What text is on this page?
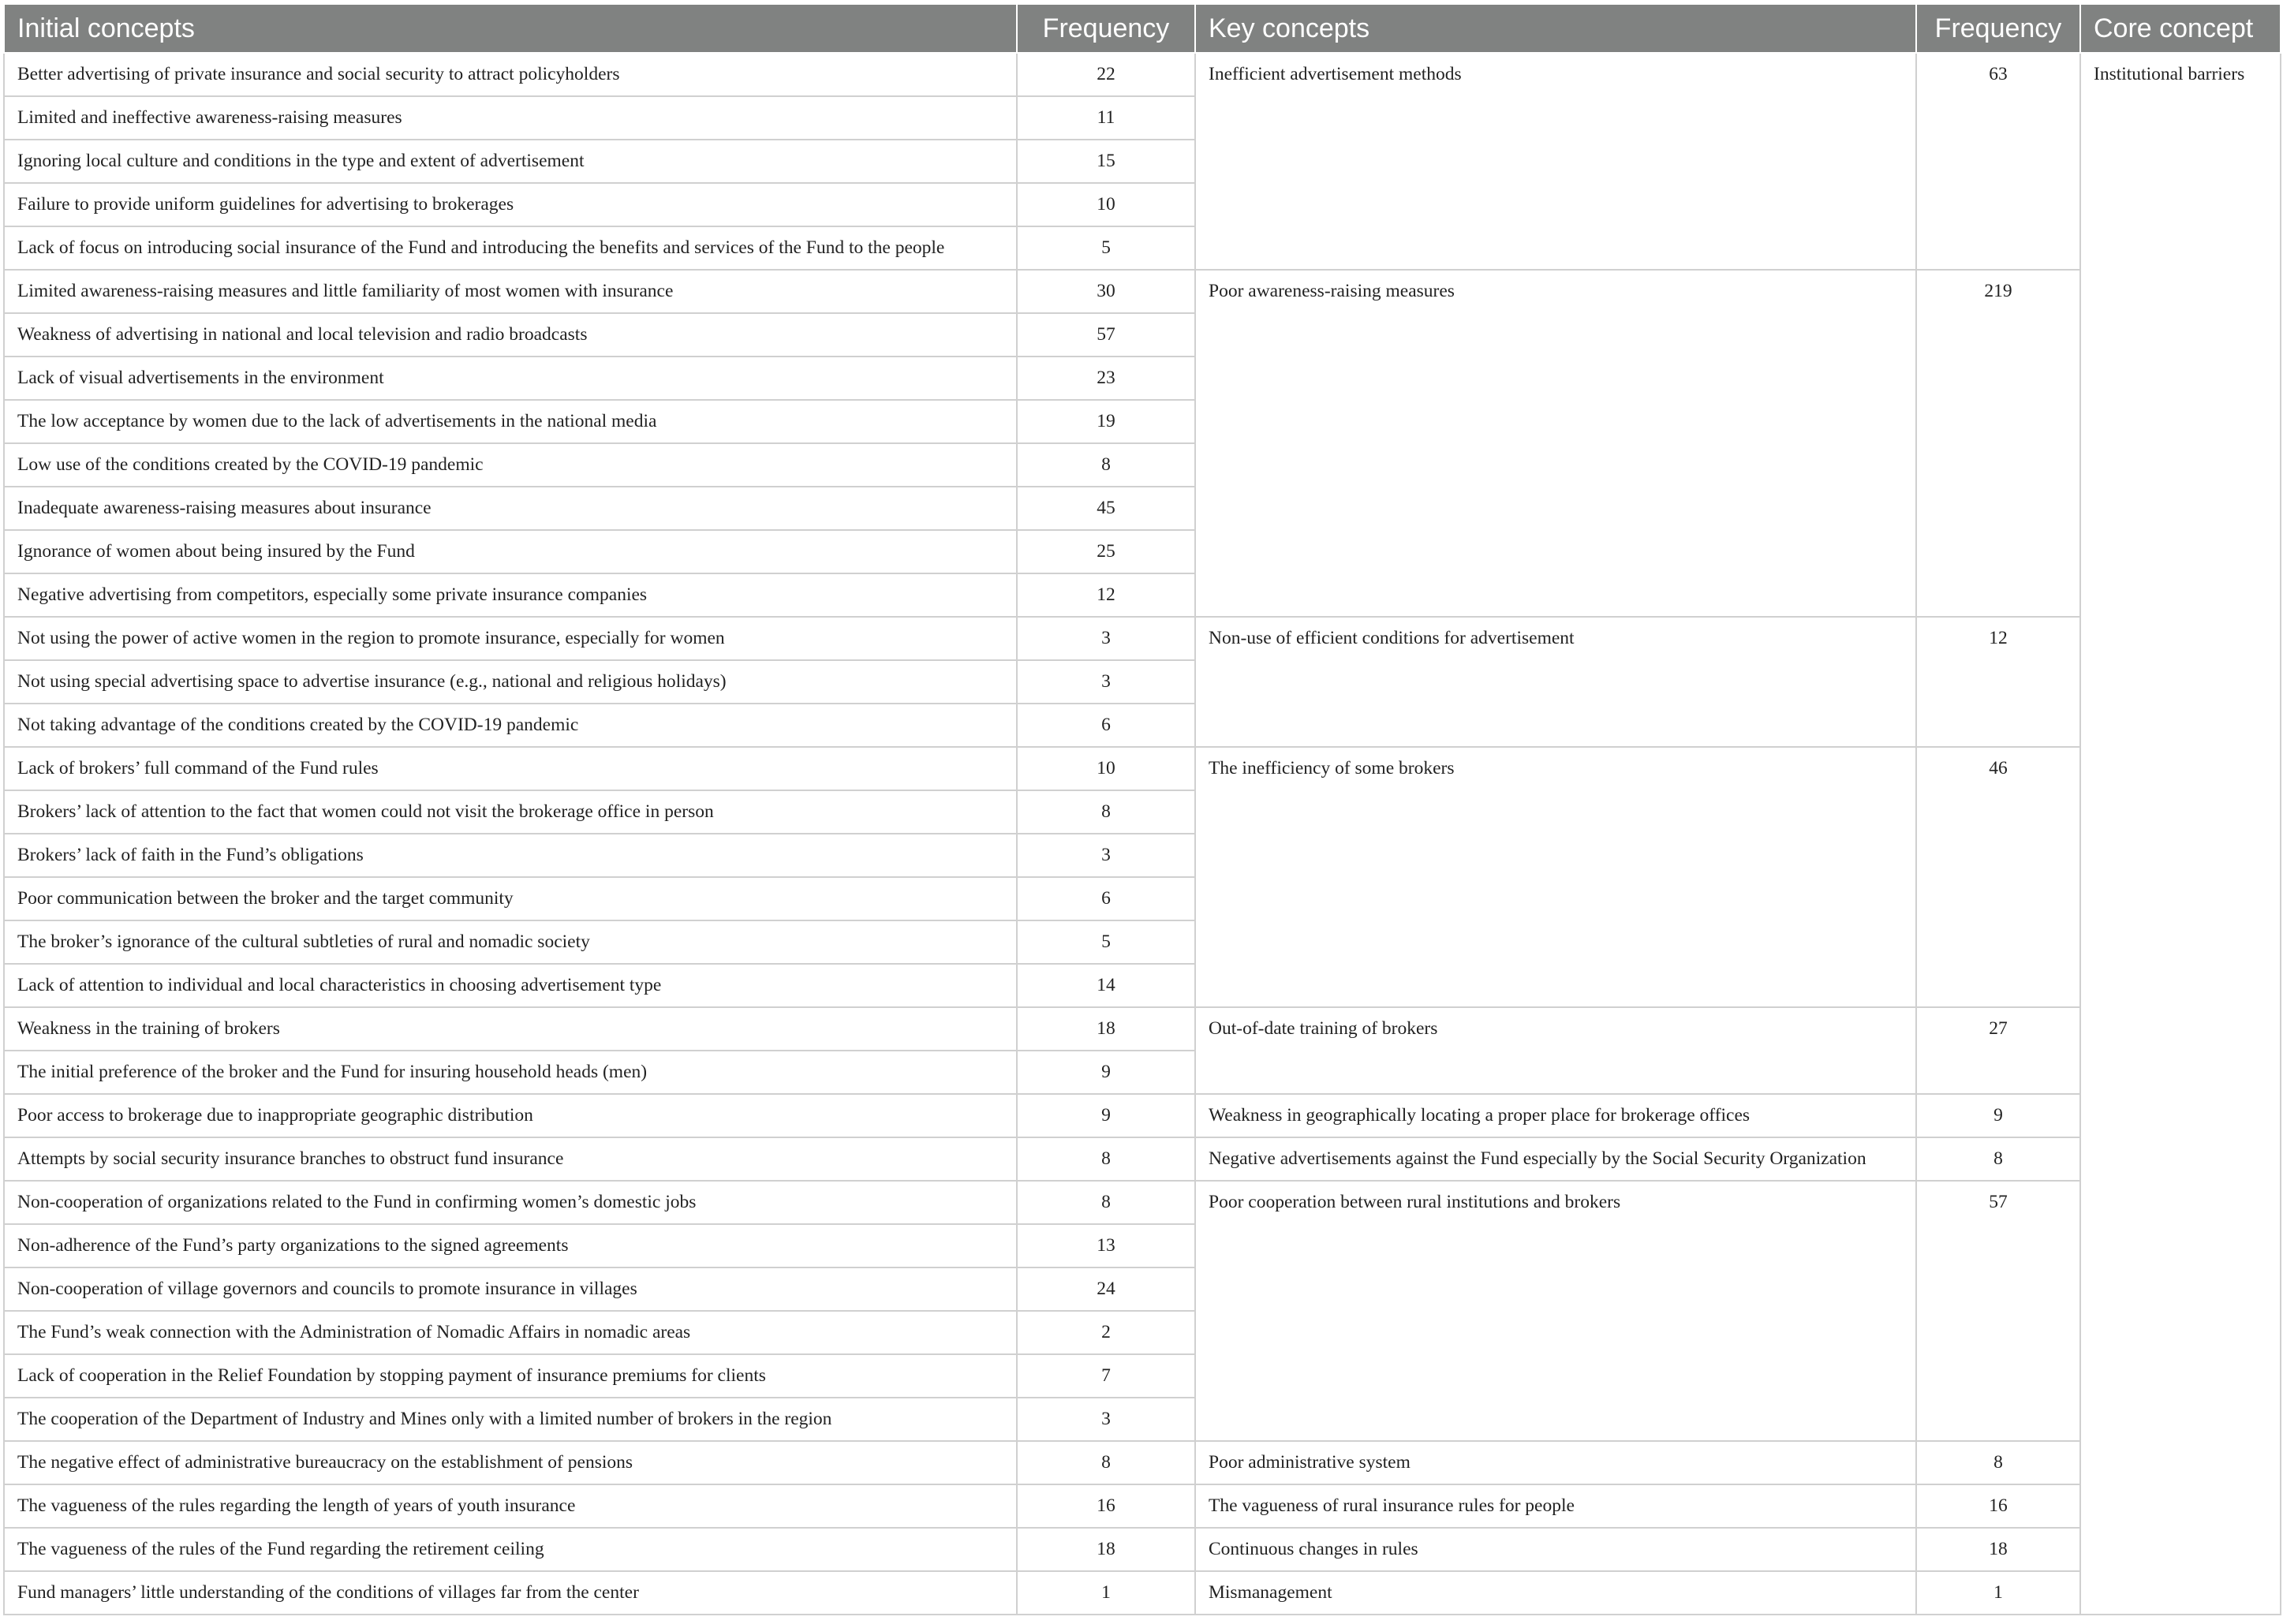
Initial concepts	Frequency	Key concepts	Frequency	Core concept
Better advertising of private insurance and social security to attract policyholders	22	Inefficient advertisement methods	63	Institutional barriers
Limited and ineffective awareness-raising measures	11			
Ignoring local culture and conditions in the type and extent of advertisement	15			
Failure to provide uniform guidelines for advertising to brokerages	10			
Lack of focus on introducing social insurance of the Fund and introducing the benefits and services of the Fund to the people	5			
Limited awareness-raising measures and little familiarity of most women with insurance	30	Poor awareness-raising measures	219	
Weakness of advertising in national and local television and radio broadcasts	57			
Lack of visual advertisements in the environment	23			
The low acceptance by women due to the lack of advertisements in the national media	19			
Low use of the conditions created by the COVID-19 pandemic	8			
Inadequate awareness-raising measures about insurance	45			
Ignorance of women about being insured by the Fund	25			
Negative advertising from competitors, especially some private insurance companies	12			
Not using the power of active women in the region to promote insurance, especially for women	3	Non-use of efficient conditions for advertisement	12	
Not using special advertising space to advertise insurance (e.g., national and religious holidays)	3			
Not taking advantage of the conditions created by the COVID-19 pandemic	6			
Lack of brokers’ full command of the Fund rules	10	The inefficiency of some brokers	46	
Brokers’ lack of attention to the fact that women could not visit the brokerage office in person	8			
Brokers’ lack of faith in the Fund’s obligations	3			
Poor communication between the broker and the target community	6			
The broker’s ignorance of the cultural subtleties of rural and nomadic society	5			
Lack of attention to individual and local characteristics in choosing advertisement type	14			
Weakness in the training of brokers	18	Out-of-date training of brokers	27	
The initial preference of the broker and the Fund for insuring household heads (men)	9			
Poor access to brokerage due to inappropriate geographic distribution	9	Weakness in geographically locating a proper place for brokerage offices	9	
Attempts by social security insurance branches to obstruct fund insurance	8	Negative advertisements against the Fund especially by the Social Security Organization	8	
Non-cooperation of organizations related to the Fund in confirming women’s domestic jobs	8	Poor cooperation between rural institutions and brokers	57	
Non-adherence of the Fund’s party organizations to the signed agreements	13			
Non-cooperation of village governors and councils to promote insurance in villages	24			
The Fund’s weak connection with the Administration of Nomadic Affairs in nomadic areas	2			
Lack of cooperation in the Relief Foundation by stopping payment of insurance premiums for clients	7			
The cooperation of the Department of Industry and Mines only with a limited number of brokers in the region	3			
The negative effect of administrative bureaucracy on the establishment of pensions	8	Poor administrative system	8	
The vagueness of the rules regarding the length of years of youth insurance	16	The vagueness of rural insurance rules for people	16	
The vagueness of the rules of the Fund regarding the retirement ceiling	18	Continuous changes in rules	18	
Fund managers’ little understanding of the conditions of villages far from the center	1	Mismanagement	1	
